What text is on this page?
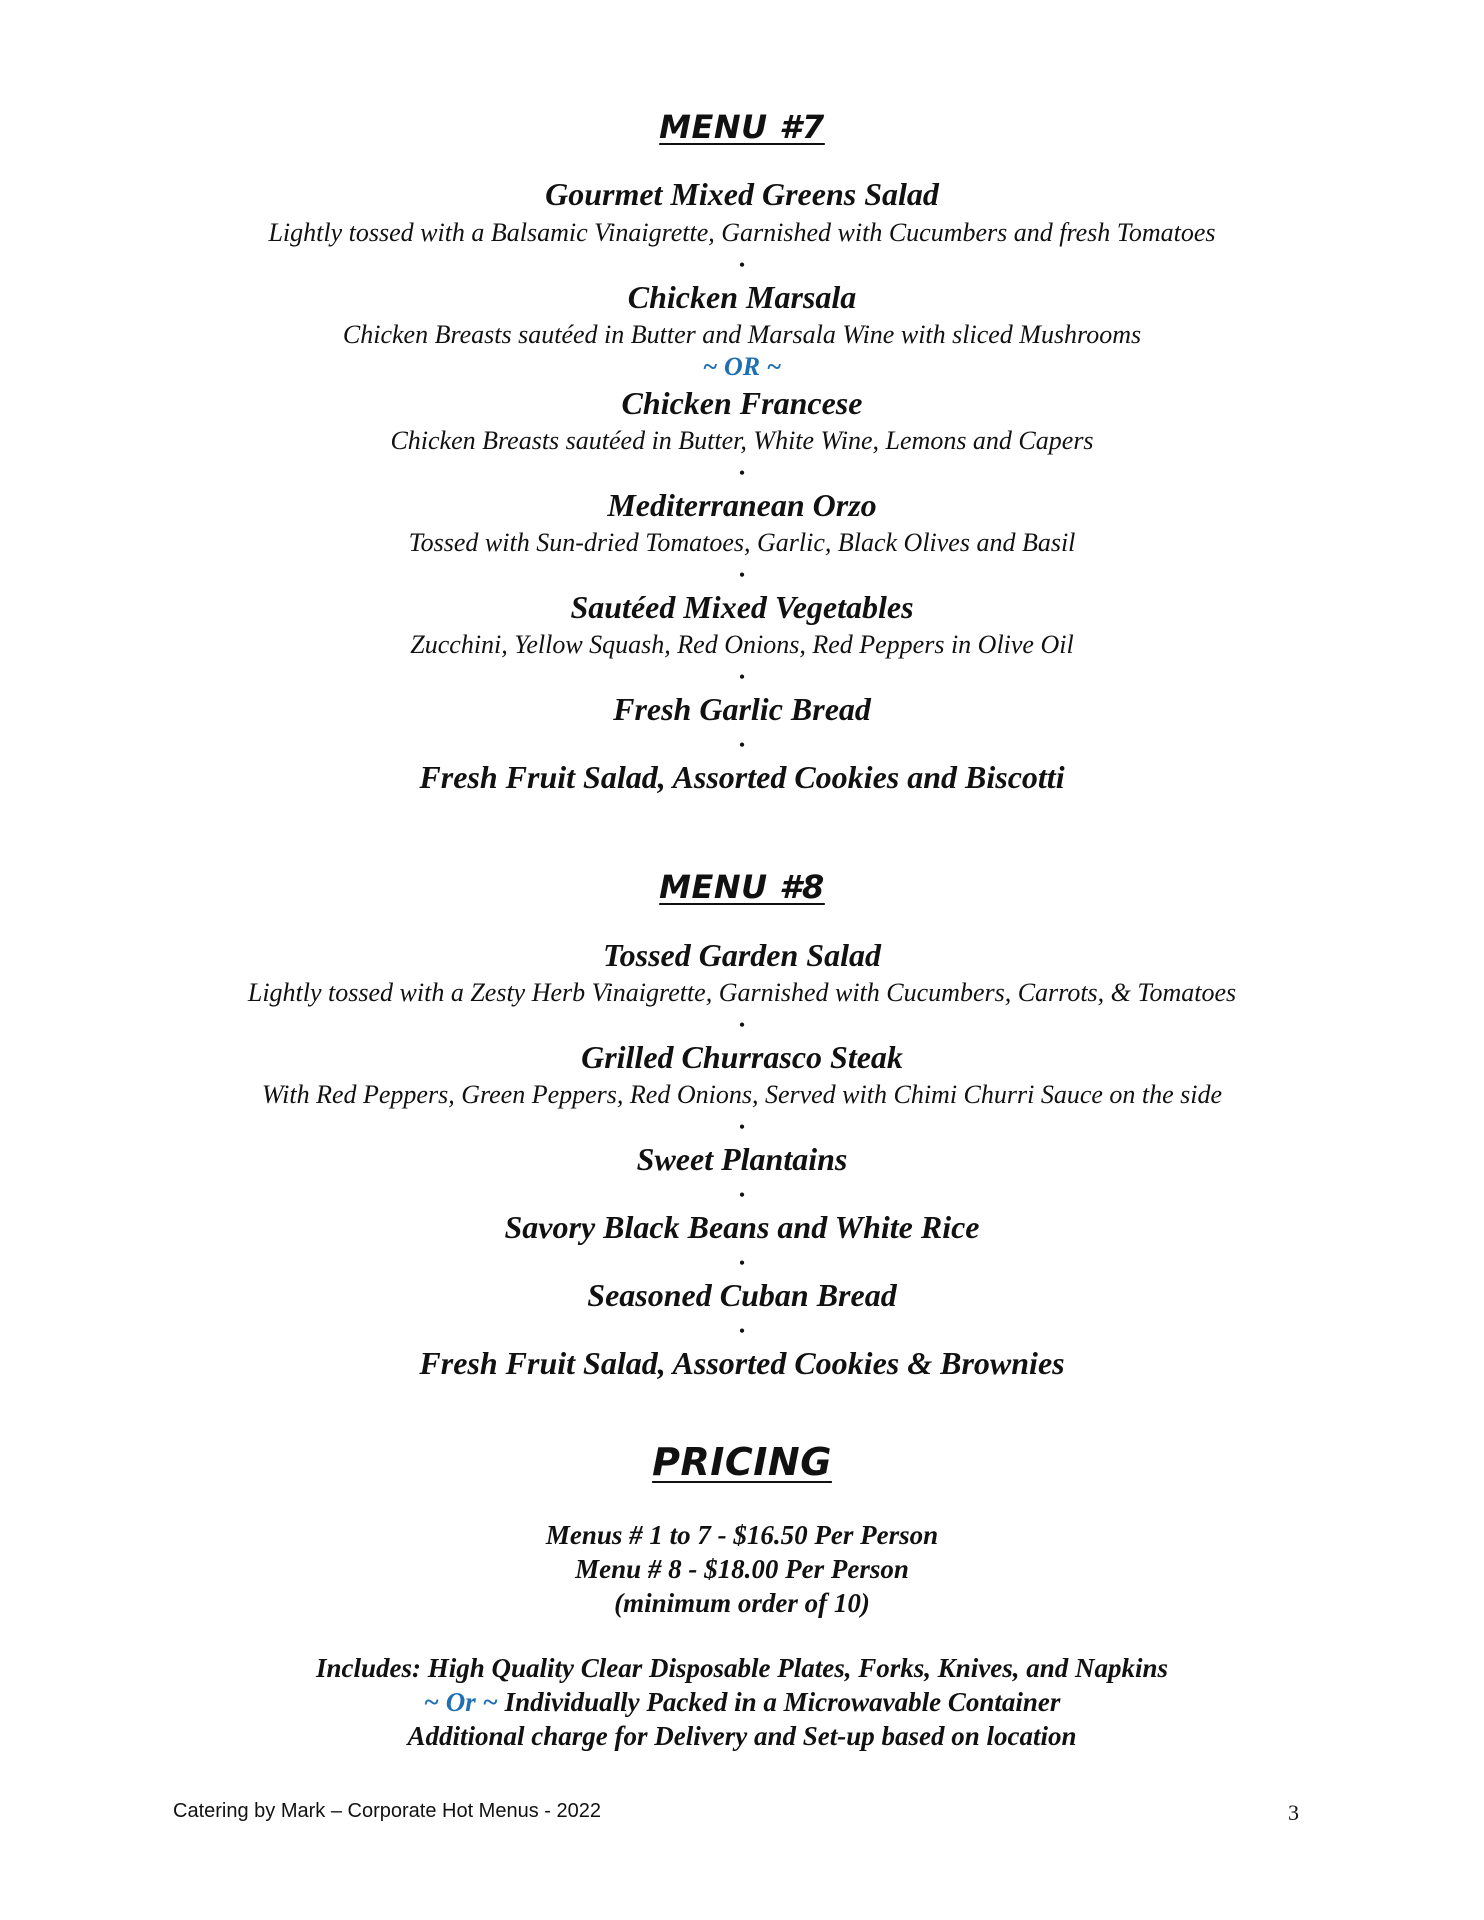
MENU #7
Gourmet Mixed Greens Salad
Lightly tossed with a Balsamic Vinaigrette, Garnished with Cucumbers and fresh Tomatoes
•
Chicken Marsala
Chicken Breasts sautéed in Butter and Marsala Wine with sliced Mushrooms
~ OR ~
Chicken Francese
Chicken Breasts sautéed in Butter, White Wine, Lemons and Capers
•
Mediterranean Orzo
Tossed with Sun-dried Tomatoes, Garlic, Black Olives and Basil
•
Sautéed Mixed Vegetables
Zucchini, Yellow Squash, Red Onions, Red Peppers in Olive Oil
•
Fresh Garlic Bread
•
Fresh Fruit Salad, Assorted Cookies and Biscotti
MENU #8
Tossed Garden Salad
Lightly tossed with a Zesty Herb Vinaigrette, Garnished with Cucumbers, Carrots, & Tomatoes
•
Grilled Churrasco Steak
With Red Peppers, Green Peppers, Red Onions, Served with Chimi Churri Sauce on the side
•
Sweet Plantains
•
Savory Black Beans and White Rice
•
Seasoned Cuban Bread
•
Fresh Fruit Salad, Assorted Cookies & Brownies
PRICING
Menus # 1 to 7 - $16.50 Per Person
Menu # 8 - $18.00 Per Person
(minimum order of 10)
Includes: High Quality Clear Disposable Plates, Forks, Knives, and Napkins
~ Or ~ Individually Packed in a Microwavable Container
Additional charge for Delivery and Set-up based on location
Catering by Mark – Corporate Hot Menus - 2022	3
